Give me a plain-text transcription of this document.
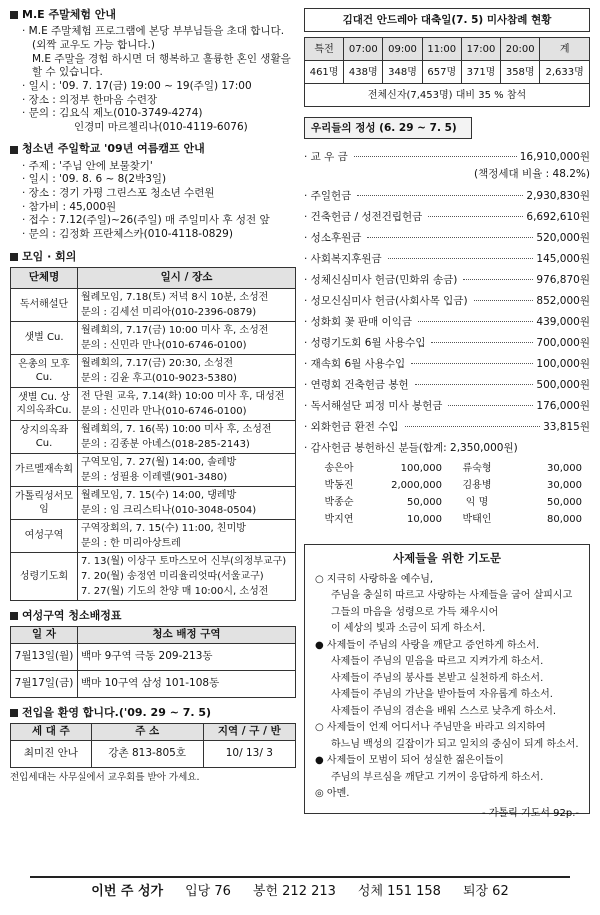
M.E 주말체험 안내
· M.E 주말체험 프로그램에 본당 부부님들을 초대 합니다.
(외짝 교우도 가능 합니다.)
M.E 주말을 경험 하시면 더 행복하고 훌륭한 혼인 생활을
할 수 있습니다.
· 일시 : '09. 7. 17(금) 19:00 ~ 19(주일) 17:00
· 장소 : 의정부 한마음 수련장
· 문의 : 김요식 제노(010-3749-4274)
인경미 마르첼리나(010-4119-6076)
청소년 주일학교 '09년 여름캠프 안내
· 주제 : '주님 안에 보물찾기'
· 일시 : '09. 8. 6 ~ 8(2박3일)
· 장소 : 경기 가평 그린스포 청소년 수련원
· 참가비 : 45,000원
· 접수 : 7.12(주일)~26(주일) 매 주일미사 후 성전 앞
· 문의 : 김정화 프란체스카(010-4118-0829)
모임 · 회의
단체명	일시 / 장소
독서해설단	월례모임, 7.18(토) 저녁 8시 10분, 소성전
문의 : 김세선 미리아(010-2396-0879)

샛별 Cu.	월례회의, 7.17(금) 10:00 미사 후, 소성전
문의 : 신민라 만나(010-6746-0100)

은총의 모후Cu.	월례회의, 7.17(금) 20:30, 소성전
문의 : 김윤 후고(010-9023-5380)

샛별 Cu. 상지의옥좌Cu.	전 단원 교육, 7.14(화) 10:00 미사 후, 대성전
문의 : 신민라 만나(010-6746-0100)

상지의옥좌Cu.	월례회의, 7. 16(목) 10:00 미사 후, 소성전
문의 : 김종분 아녜스(018-285-2143)

가르멜재속회	구역모임, 7. 27(월) 14:00, 솔레방
문의 : 성필용 이레렐(901-3480)

가톨릭성서모임	월례모임, 7. 15(수) 14:00, 댕레방
문의 : 임 크리스티나(010-3048-0504)

여성구역	구역장회의, 7. 15(수) 11:00, 친미방
문의 : 한 미리아상트레

성령기도회	7. 13(월) 이상구 토마스모어 신부(의정부교구)
7. 20(월) 송정연 미리율리엇따(서울교구)
7. 27(월) 기도의 찬양 매 10:00시, 소성전
여성구역 청소배정표
일 자	청소 배정 구역
7월13일(월)	백마 9구역 극동 209-213동
7월17일(금)	백마 10구역 삼성 101-108동
전입을 환영 합니다.('09. 29 ~ 7. 5)
세 대 주	주 소	지역 / 구 / 반
최미진 안나	강촌 813-805호	10/ 13/ 3
전입세대는 사무실에서 교우회를 받아 가세요.
김대건 안드레아 대축일(7. 5) 미사참례 현황
특전	07:00	09:00	11:00	17:00	20:00	계
461명	438명	348명	657명	371명	358명	2,633명
전체신자(7,453명) 대비 35 % 참석						
우리들의 정성 (6. 29 ~ 7. 5)
· 교 우 금	16,910,000원
(책정세대 비율 : 48.2%)
· 주일헌금	2,930,830원
· 건축헌금 / 성전건립헌금	6,692,610원
· 성소후원금	520,000원
· 사회복지후원금	145,000원
· 성체신심미사 헌금(민화위 송금)	976,870원
· 성모신심미사 헌금(사회사목 입금)	852,000원
· 성화회 꽃 판매 이익금	439,000원
· 성령기도회 6월 사용수입	700,000원
· 재속회 6월 사용수입	100,000원
· 연령회 건축헌금 봉헌	500,000원
· 독서해설단 피정 미사 봉헌금	176,000원
· 외화헌금 환전 수입	33,815원
· 감사헌금 봉헌하신 분들(합계: 2,350,000원)
송은아	100,000	류숙형	30,000
박동진	2,000,000	김용병	30,000
박종순	50,000	익 명	50,000
박지연	10,000	박태인	80,000
사제들을 위한 기도문

○ 지극히 사랑하올 예수님,

주님을 충실히 따르고 사랑하는 사제들을 굽어 살피시고

그들의 마음을 성령으로 가득 채우시어

이 세상의 빛과 소금이 되게 하소서.

● 사제들이 주님의 사랑을 깨닫고 증언하게 하소서.

사제들이 주님의 믿음을 따르고 지켜가게 하소서.

사제들이 주님의 봉사를 본받고 실천하게 하소서.

사제들이 주님의 가난을 받아들여 자유롭게 하소서.

사제들이 주님의 겸손을 배워 스스로 낮추게 하소서.

○ 사제들이 언제 어디서나 주님만을 바라고 의지하여

하느님 백성의 길잡이가 되고 일치의 중심이 되게 하소서.

● 사제들이 모범이 되어 성실한 젊은이들이

주님의 부르심을 깨닫고 기꺼이 응답하게 하소서.

◎ 아멘.

- 가톨릭 기도서 92p.-

이번 주 성가 입당 76 봉헌 212 213 성체 151 158 퇴장 62
